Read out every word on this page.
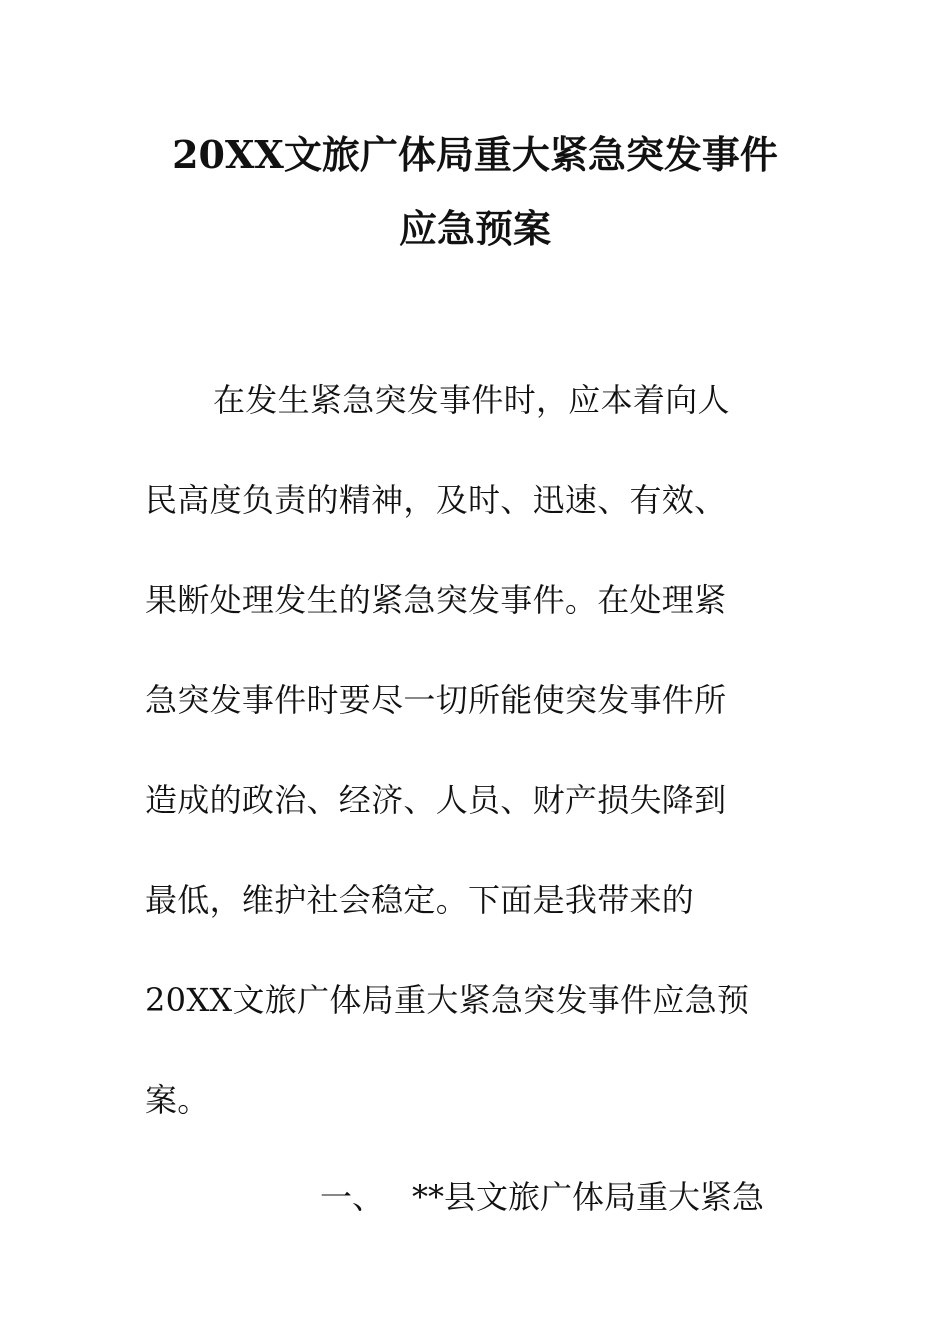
20XX文旅广体局重大紧急突发事件
应急预案
在发生紧急突发事件时，应本着向人
民高度负责的精神，及时、迅速、有效、
果断处理发生的紧急突发事件。在处理紧
急突发事件时要尽一切所能使突发事件所
造成的政治、经济、人员、财产损失降到
最低，维护社会稳定。下面是我带来的
20XX文旅广体局重大紧急突发事件应急预
案。
一、 **县文旅广体局重大紧急
